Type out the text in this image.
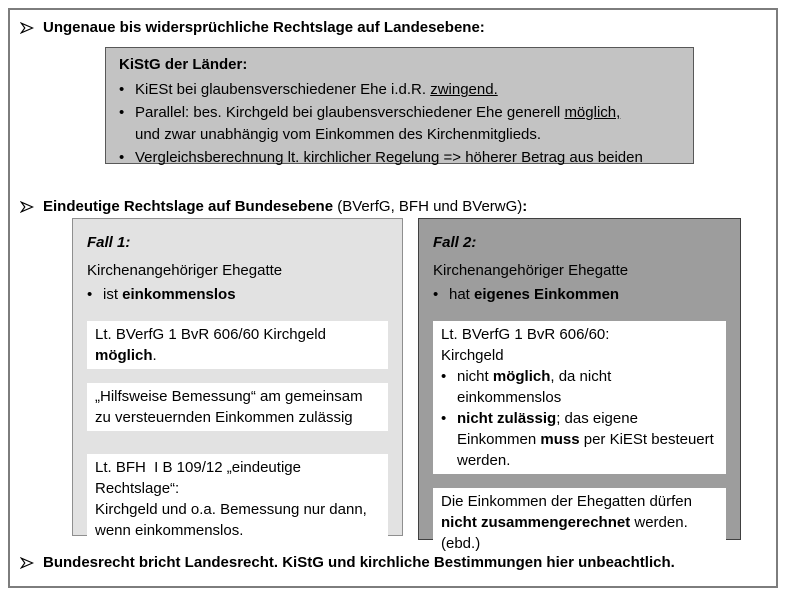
Ungenaue bis widersprüchliche Rechtslage auf Landesebene:
KiStG der Länder:
• KiESt bei glaubensverschiedener Ehe i.d.R. zwingend.
• Parallel: bes. Kirchgeld bei glaubensverschiedener Ehe generell möglich,
und zwar unabhängig vom Einkommen des Kirchenmitglieds.
• Vergleichsberechnung lt. kirchlicher Regelung => höherer Betrag aus beiden
Eindeutige Rechtslage auf Bundesebene (BVerfG, BFH und BVerwG):
Fall 1:
Kirchenangehöriger Ehegatte
• ist einkommenslos
Lt. BVerfG 1 BvR 606/60 Kirchgeld möglich.
„Hilfsweise Bemessung“ am gemeinsam zu versteuernden Einkommen zulässig
Lt. BFH  I B 109/12 „eindeutige Rechtslage“:
Kirchgeld und o.a. Bemessung nur dann, wenn einkommenslos.
Fall 2:
Kirchenangehöriger Ehegatte
• hat eigenes Einkommen
Lt. BVerfG 1 BvR 606/60:
Kirchgeld
• nicht möglich, da nicht einkommenslos
• nicht zulässig; das eigene Einkommen muss per KiESt besteuert werden.
Die Einkommen der Ehegatten dürfen nicht zusammengerechnet werden.
(ebd.)
Bundesrecht bricht Landesrecht. KiStG und kirchliche Bestimmungen hier unbeachtlich.
